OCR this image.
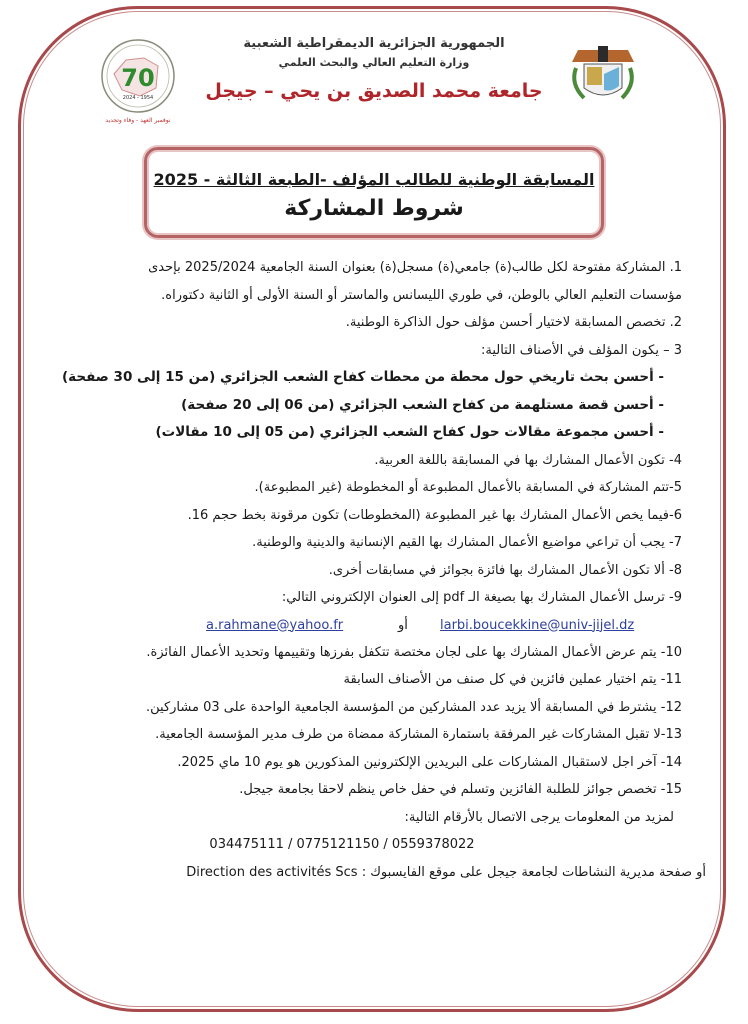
70
2024 - 1954
نوفمبر العهد - وفاء وتجديد
الجمهورية الجزائرية الديمقراطية الشعبية
وزارة التعليم العالي والبحث العلمي
جامعة محمد الصديق بن يحي – جيجل
المسابقة الوطنية للطالب المؤلف -الطبعة الثالثة - 2025
شروط المشاركة
1. المشاركة مفتوحة لكل طالب(ة) جامعي(ة) مسجل(ة) بعنوان السنة الجامعية 2025/2024 بإحدى
مؤسسات التعليم العالي بالوطن، في طوري الليسانس والماستر أو السنة الأولى أو الثانية دكتوراه.
2. تخصص المسابقة لاختيار أحسن مؤلف حول الذاكرة الوطنية.
3 – يكون المؤلف في الأصناف التالية:
- أحسن بحث تاريخي حول محطة من محطات كفاح الشعب الجزائري (من 15 إلى 30 صفحة)
- أحسن قصة مستلهمة من كفاح الشعب الجزائري (من 06 إلى 20 صفحة)
- أحسن مجموعة مقالات حول كفاح الشعب الجزائري (من 05 إلى 10 مقالات)
4- تكون الأعمال المشارك بها في المسابقة باللغة العربية.
5-تتم المشاركة في المسابقة بالأعمال المطبوعة أو المخطوطة (غير المطبوعة).
6-فيما يخص الأعمال المشارك بها غير المطبوعة (المخطوطات) تكون مرقونة بخط حجم 16.
7- يجب أن تراعي مواضيع الأعمال المشارك بها القيم الإنسانية والدينية والوطنية.
8- ألا تكون الأعمال المشارك بها فائزة بجوائز في مسابقات أخرى.
9- ترسل الأعمال المشارك بها بصيغة الـ pdf إلى العنوان الإلكتروني التالي:
a.rahmane@yahoo.fr	أو larbi.boucekkine@univ-jijel.dz
10- يتم عرض الأعمال المشارك بها على لجان مختصة تتكفل بفرزها وتقييمها وتحديد الأعمال الفائزة.
11- يتم اختيار عملين فائزين في كل صنف من الأصناف السابقة
12- يشترط في المسابقة ألا يزيد عدد المشاركين من المؤسسة الجامعية الواحدة على 03 مشاركين.
13-لا تقبل المشاركات غير المرفقة باستمارة المشاركة ممضاة من طرف مدير المؤسسة الجامعية.
14- آخر اجل لاستقبال المشاركات على البريدين الإلكترونين المذكورين هو يوم 10 ماي 2025.
15- تخصص جوائز للطلبة الفائزين وتسلم في حفل خاص ينظم لاحقا بجامعة جيجل.
لمزيد من المعلومات يرجى الاتصال بالأرقام التالية:
034475111 / 0775121150 / 0559378022
أو صفحة مديرية النشاطات لجامعة جيجل على موقع الفايسبوك : Direction des activités Scs
